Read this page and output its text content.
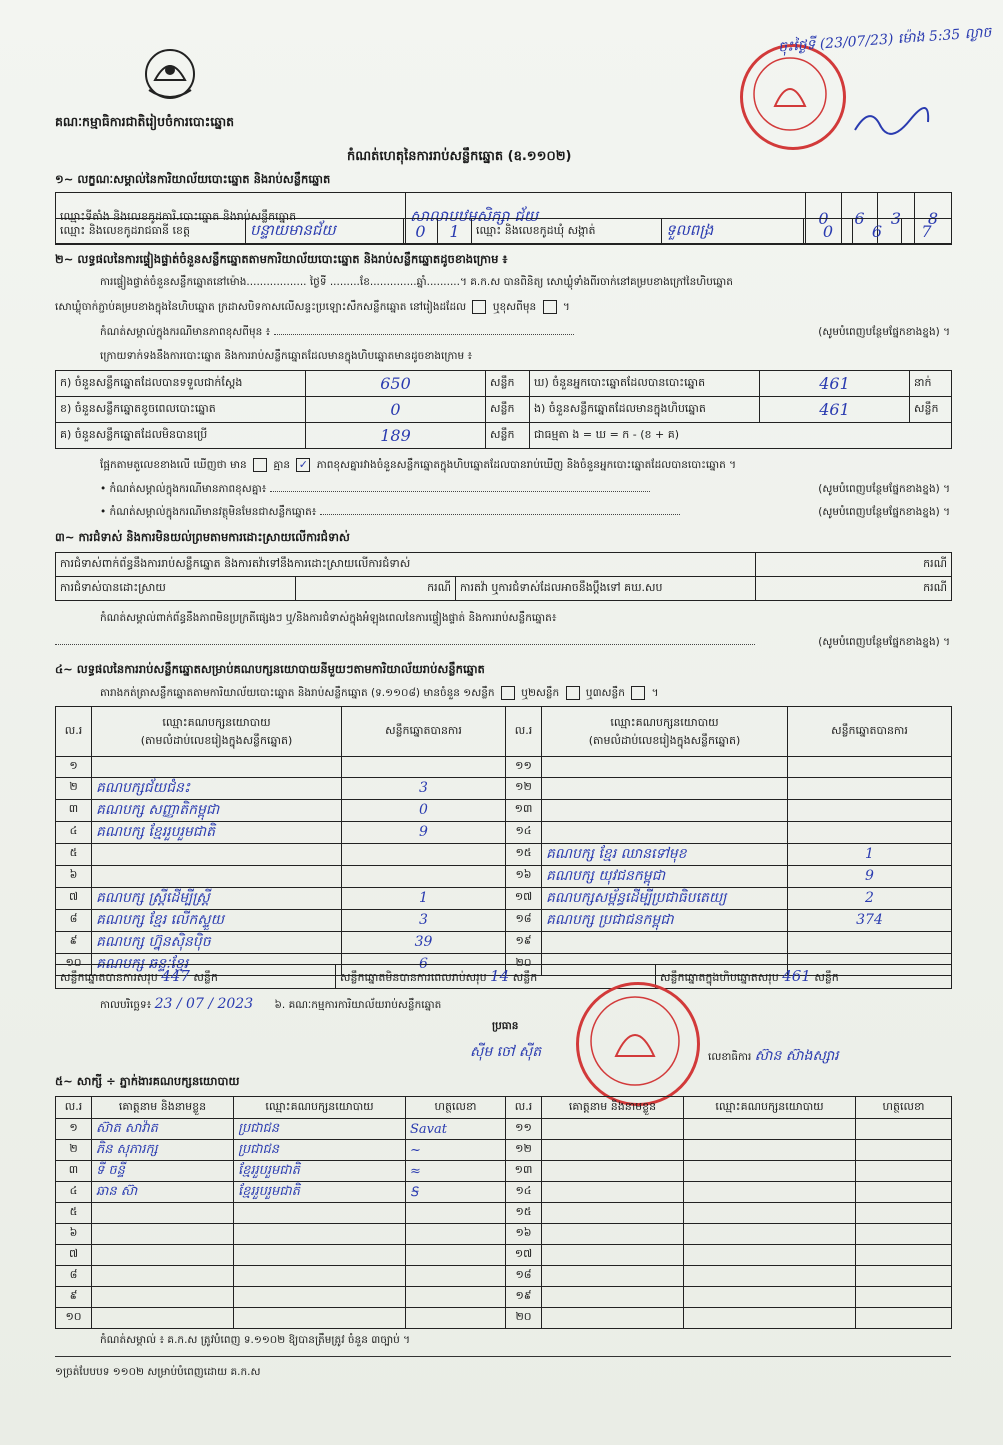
គណៈកម្មាធិការជាតិរៀបចំការបោះឆ្នោត
ចុះថ្ងៃទី (23/07/23) ម៉ោង 5:35 ល្ងាច
កំណត់ហេតុនៃការរាប់សន្លឹកឆ្នោត (ឧ.១១០២)
១~ លក្ខណៈសម្គាល់នៃការិយាល័យបោះឆ្នោត និងរាប់សន្លឹកឆ្នោត
ឈ្មោះទីតាំង និងលេខកូដការិ.បោះឆ្នោត និងរាប់សន្លឹកឆ្នោត	សាលាបឋមសិក្សា ជ័យ	0	6	3	8
ឈ្មោះ និងលេខកូដរាជធានី ខេត្ត	បន្ទាយមានជ័យ	0	1	ឈ្មោះ និងលេខកូដឃុំ សង្កាត់	ទួលពង្រ	0	6	7
២~ លទ្ធផលនៃការផ្ទៀងផ្ទាត់ចំនួនសន្លឹកឆ្នោតតាមការិយាល័យបោះឆ្នោត និងរាប់សន្លឹកឆ្នោតដូចខាងក្រោម ៖
ការផ្ទៀងផ្ទាត់ចំនួនសន្លឹកឆ្នោតនៅម៉ោង.................. ថ្ងៃទី .........ខែ..............ឆ្នាំ..........។ គ.ក.ស បានពិនិត្យ សោឃ្លុំទាំងពីរចាក់នៅគម្របខាងក្រៅនៃហិបឆ្នោត
សោឃ្លុំចាក់ភ្ជាប់គម្របខាងក្នុងនៃហិបឆ្នោត ក្រដាសបិទកាសលើសន្ទះប្រឡោះសឹកសន្លឹកឆ្នោត នៅរៀងដដែល	ឬខុសពីមុន  ។
កំណត់សម្គាល់ក្នុងករណីមានភាពខុសពីមុន ៖	(សូមបំពេញបន្ថែមផ្នែកខាងខ្នង) ។
ក្រោយទាក់ទងនឹងការបោះឆ្នោត និងការរាប់សន្លឹកឆ្នោតដែលមានក្នុងហិបឆ្នោតមានដូចខាងក្រោម ៖
ក) ចំនួនសន្លឹកឆ្នោតដែលបានទទួលជាក់ស្តែង	650	សន្លឹក	ឃ) ចំនួនអ្នកបោះឆ្នោតដែលបានបោះឆ្នោត	461	នាក់
ខ) ចំនួនសន្លឹកឆ្នោតខូចពេលបោះឆ្នោត	0	សន្លឹក	ង) ចំនួនសន្លឹកឆ្នោតដែលមានក្នុងហិបឆ្នោត	461	សន្លឹក
គ) ចំនួនសន្លឹកឆ្នោតដែលមិនបានប្រើ	189	សន្លឹក	ជាធម្មតា ង = ឃ = ក - (ខ + គ)		
ផ្អែកតាមតួលេខខាងលើ ឃើញថា មាន	គ្មាន ✓ ភាពខុសគ្នារវាងចំនួនសន្លឹកឆ្នោតក្នុងហិបឆ្នោតដែលបានរាប់ឃើញ និងចំនួនអ្នកបោះឆ្នោតដែលបានបោះឆ្នោត ។
• កំណត់សម្គាល់ក្នុងករណីមានភាពខុសគ្នា៖	(សូមបំពេញបន្ថែមផ្នែកខាងខ្នង) ។
• កំណត់សម្គាល់ក្នុងករណីមានវត្ថុមិនមែនជាសន្លឹកឆ្នោត៖	(សូមបំពេញបន្ថែមផ្នែកខាងខ្នង) ។
៣~ ការជំទាស់ និងការមិនយល់ព្រមតាមការដោះស្រាយលើការជំទាស់
ការជំទាស់ពាក់ព័ន្ធនឹងការរាប់សន្លឹកឆ្នោត និងការតវ៉ាទៅនឹងការដោះស្រាយលើការជំទាស់			ករណី
ការជំទាស់បានដោះស្រាយ	ករណី	ការតវ៉ា ឬការជំទាស់ដែលអាចនឹងប្តឹងទៅ គឃ.សប	ករណី
កំណត់សម្គាល់ពាក់ព័ន្ធនឹងភាពមិនប្រក្រតីផ្សេងៗ ឬ/និងការជំទាស់ក្នុងអំឡុងពេលនៃការផ្ទៀងផ្ទាត់ និងការរាប់សន្លឹកឆ្នោត៖
(សូមបំពេញបន្ថែមផ្នែកខាងខ្នង) ។
៤~ លទ្ធផលនៃការរាប់សន្លឹកឆ្នោតសម្រាប់គណបក្សនយោបាយនីមួយៗតាមការិយាល័យរាប់សន្លឹកឆ្នោត
តារាងកត់ត្រាសន្លឹកឆ្នោតតាមការិយាល័យបោះឆ្នោត និងរាប់សន្លឹកឆ្នោត (ទ.១១០៨) មានចំនួន ១សន្លឹក	ឬ២សន្លឹក	ឬ៣សន្លឹក  ។
ល.រ	ឈ្មោះគណបក្សនយោបាយ
(តាមលំដាប់លេខរៀងក្នុងសន្លឹកឆ្នោត)	សន្លឹកឆ្នោតបានការ	ល.រ	ឈ្មោះគណបក្សនយោបាយ
(តាមលំដាប់លេខរៀងក្នុងសន្លឹកឆ្នោត)	សន្លឹកឆ្នោតបានការ
១			១១		
២	គណបក្សជ័យជំនះ	3	១២		
៣	គណបក្ស សញ្ញាតិកម្ពុជា	0	១៣		
៤	គណបក្ស ខ្មែររួបរួមជាតិ	9	១៤		
៥			១៥	គណបក្ស ខ្មែរ ឈានទៅមុខ	1
៦			១៦	គណបក្ស យុវជនកម្ពុជា	9
៧	គណបក្ស ស្ត្រីដើម្បីស្ត្រី	1	១៧	គណបក្សសម្ព័ន្ធដើម្បីប្រជាធិបតេយ្យ	2
៨	គណបក្ស ខ្មែរ លើកស្ទួយ	3	១៨	គណបក្ស ប្រជាជនកម្ពុជា	374
៩	គណបក្ស ហ្វ៊ុនស៊ិនប៉ិច	39	១៩		
១០	គណបក្ស ឆន្ទៈខ្មែរ	6	២០		
សន្លឹកឆ្នោតបានការសរុប 447 សន្លឹក	សន្លឹកឆ្នោតមិនបានការពេលរាប់សរុប 14 សន្លឹក	សន្លឹកឆ្នោតក្នុងហិបឆ្នោតសរុប 461 សន្លឹក
កាលបរិច្ឆេទ៖ 23 / 07 / 2023 ៦. គណៈកម្មការការិយាល័យរាប់សន្លឹកឆ្នោត
ប្រធាន
ស៊ីម ចៅ ស៊ីត	លេខាធិការ ស៊ាន ស៊ាងស្សារ
៥~ សាក្សី ÷ ភ្នាក់ងារគណបក្សនយោបាយ
ល.រ	គោត្តនាម និងនាមខ្លួន	ឈ្មោះគណបក្សនយោបាយ	ហត្ថលេខា	ល.រ	គោត្តនាម និងនាមខ្លួន	ឈ្មោះគណបក្សនយោបាយ	ហត្ថលេខា
១	ស៊ាត សាវ៉ាត	ប្រជាជន	Savat	១១			
២	ភិន សុភារក្ស	ប្រជាជន	~	១២			
៣	ទី ចន្ទី	ខ្មែររួបរួមជាតិ	≈	១៣			
៤	ឆាន ស៊ា	ខ្មែររួបរួមជាតិ	Ꭶ	១៤			
៥				១៥			
៦				១៦			
៧				១៧			
៨				១៨			
៩				១៩			
១០				២០			
កំណត់សម្គាល់ ៖ គ.ក.ស ត្រូវបំពេញ ទ.១១០២ ឱ្យបានត្រឹមត្រូវ ចំនួន ៣ច្បាប់ ។
១ច្រត់បែបបទ ១១០២ សម្រាប់បំពេញដោយ គ.ក.ស
